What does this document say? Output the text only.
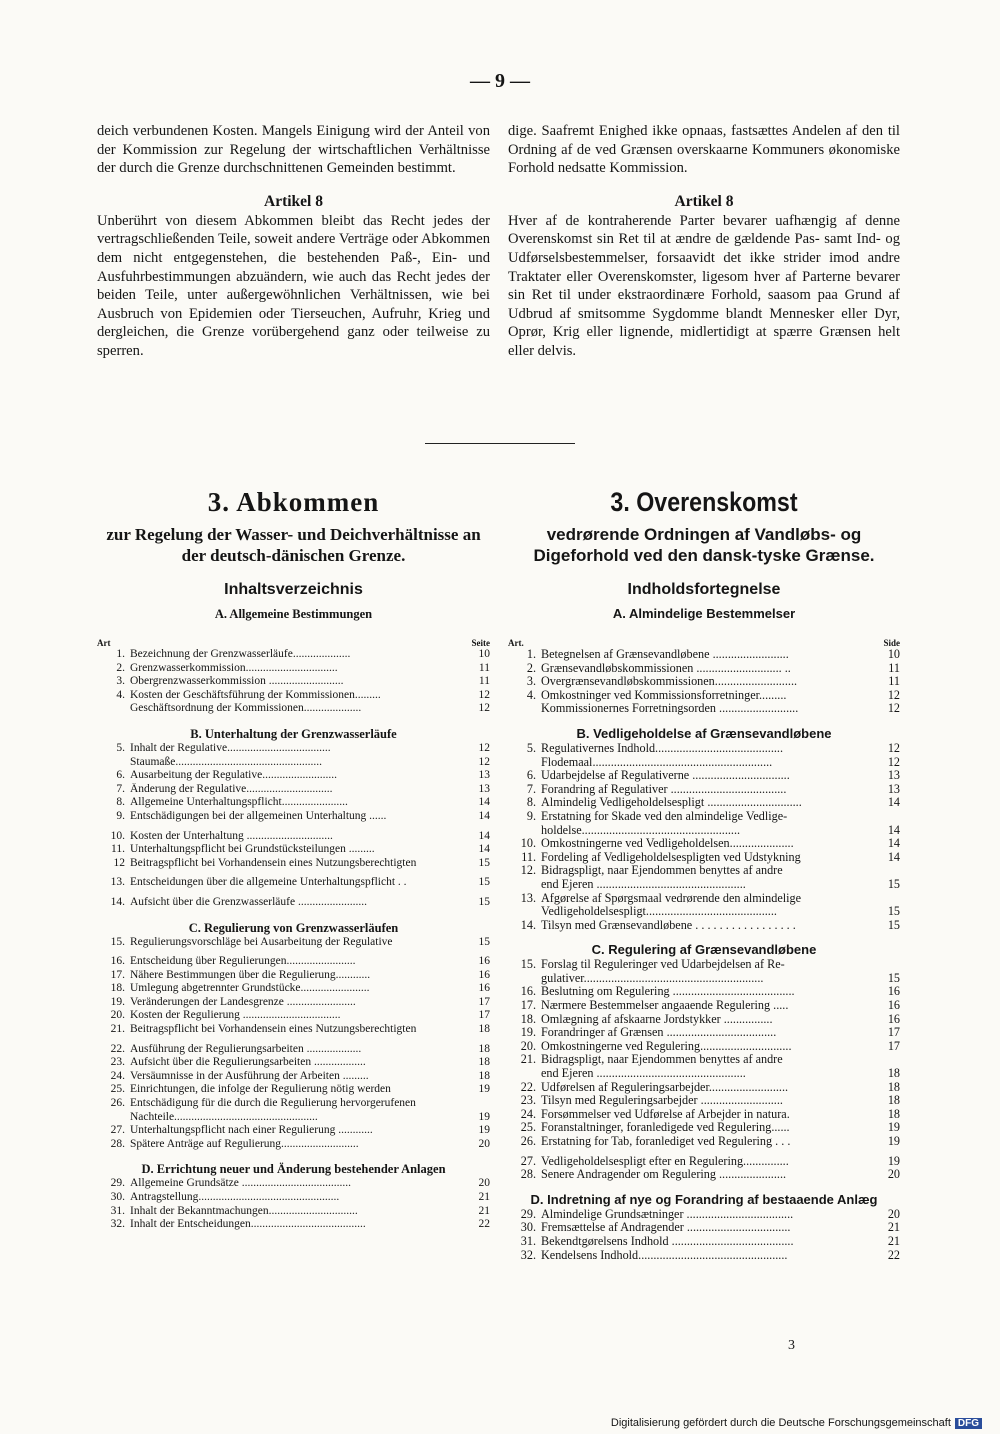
— 9 —

deich verbundenen Kosten. Mangels Einigung wird der Anteil von der Kommission zur Regelung der wirtschaftlichen Verhältnisse der durch die Grenze durchschnittenen Gemeinden bestimmt.

Artikel 8

Unberührt von diesem Abkommen bleibt das Recht jedes der vertragschließenden Teile, soweit andere Verträge oder Abkommen dem nicht entgegenstehen, die bestehenden Paß-, Ein- und Ausfuhrbestimmungen abzuändern, wie auch das Recht jedes der beiden Teile, unter außergewöhnlichen Verhältnissen, wie bei Ausbruch von Epidemien oder Tierseuchen, Aufruhr, Krieg und dergleichen, die Grenze vorübergehend ganz oder teilweise zu sperren.

dige. Saafremt Enighed ikke opnaas, fastsættes Andelen af den til Ordning af de ved Grænsen overskaarne Kommuners økonomiske Forhold nedsatte Kommission.

Artikel 8

Hver af de kontraherende Parter bevarer uafhængig af denne Overenskomst sin Ret til at ændre de gældende Pas- samt Ind- og Udførselsbestemmelser, forsaavidt det ikke strider imod andre Traktater eller Overenskomster, ligesom hver af Parterne bevarer sin Ret til under ekstraordinære Forhold, saasom paa Grund af Udbrud af smitsomme Sygdomme blandt Mennesker eller Dyr, Oprør, Krig eller lignende, midlertidigt at spærre Grænsen helt eller delvis.

3. Abkommen

zur Regelung der Wasser- und Deichverhältnisse an der deutsch-dänischen Grenze.

Inhaltsverzeichnis

A. Allgemeine Bestimmungen

Art	Seite
1. Bezeichnung der Grenzwasserläufe....................	10
2. Grenzwasserkommission................................	11
3. Obergrenzwasserkommission ..........................	11
4. Kosten der Geschäftsführung der Kommissionen.........	12
Geschäftsordnung der Kommissionen....................	12

B. Unterhaltung der Grenzwasserläufe

5. Inhalt der Regulative....................................	12
Staumaße...................................................	12
6. Ausarbeitung der Regulative..........................	13
7. Änderung der Regulative..............................	13
8. Allgemeine Unterhaltungspflicht.......................	14
9. Entschädigungen bei der allgemeinen Unterhaltung ......	14
10. Kosten der Unterhaltung ..............................	14
11. Unterhaltungspflicht bei Grundstücksteilungen .........	14
12 Beitragspflicht bei Vorhandensein eines Nutzungsberechtigten	15
13. Entscheidungen über die allgemeine Unterhaltungspflicht . .	15
14. Aufsicht über die Grenzwasserläufe ........................	15

C. Regulierung von Grenzwasserläufen

15. Regulierungsvorschläge bei Ausarbeitung der Regulative	15
16. Entscheidung über Regulierungen........................	16
17. Nähere Bestimmungen über die Regulierung............	16
18. Umlegung abgetrennter Grundstücke........................	16
19. Veränderungen der Landesgrenze ........................	17
20. Kosten der Regulierung ..................................	17
21. Beitragspflicht bei Vorhandensein eines Nutzungsberechtigten	18
22. Ausführung der Regulierungsarbeiten ...................	18
23. Aufsicht über die Regulierungsarbeiten ..................	18
24. Versäumnisse in der Ausführung der Arbeiten .........	18
25. Einrichtungen, die infolge der Regulierung nötig werden	19
26. Entschädigung für die durch die Regulierung hervorgerufenen
Nachteile..................................................	19
27. Unterhaltungspflicht nach einer Regulierung ............	19
28. Spätere Anträge auf Regulierung...........................	20

D. Errichtung neuer und Änderung bestehender Anlagen

29. Allgemeine Grundsätze ......................................	20
30. Antragstellung.................................................	21
31. Inhalt der Bekanntmachungen...............................	21
32. Inhalt der Entscheidungen........................................	22

3. Overenskomst

vedrørende Ordningen af Vandløbs- og Digeforhold ved den dansk-tyske Grænse.

Indholdsfortegnelse

A. Almindelige Bestemmelser

Art.	Side
1. Betegnelsen af Grænsevandløbene .........................	10
2. Grænsevandløbskommissionen ............................ ..	11
3. Overgrænsevandløbskommissionen...........................	11
4. Omkostninger ved Kommissionsforretninger.........	12
Kommissionernes Forretningsorden ..........................	12

B. Vedligeholdelse af Grænsevandløbene

5. Regulativernes Indhold..........................................	12
Flodemaal...........................................................	12
6. Udarbejdelse af Regulativerne ................................	13
7. Forandring af Regulativer ......................................	13
8. Almindelig Vedligeholdelsespligt ...............................	14
9. Erstatning for Skade ved den almindelige Vedlige-
holdelse....................................................	14
10. Omkostningerne ved Vedligeholdelsen.....................	14
11. Fordeling af Vedligeholdelsespligten ved Udstykning	14
12. Bidragspligt, naar Ejendommen benyttes af andre
end Ejeren .................................................	15
13. Afgørelse af Spørgsmaal vedrørende den almindelige
Vedligeholdelsespligt...........................................	15
14. Tilsyn med Grænsevandløbene . . . . . . . . . . . . . . . . .	15

C. Regulering af Grænsevandløbene

15. Forslag til Reguleringer ved Udarbejdelsen af Re-
gulativer...........................................................	15
16. Beslutning om Regulering ........................................	16
17. Nærmere Bestemmelser angaaende Regulering .....	16
18. Omlægning af afskaarne Jordstykker ................	16
19. Forandringer af Grænsen ....................................	17
20. Omkostningerne ved Regulering..............................	17
21. Bidragspligt, naar Ejendommen benyttes af andre
end Ejeren .................................................	18
22. Udførelsen af Reguleringsarbejder..........................	18
23. Tilsyn med Reguleringsarbejder ...........................	18
24. Forsømmelser ved Udførelse af Arbejder in natura.	18
25. Foranstaltninger, foranledigede ved Regulering......	19
26. Erstatning for Tab, foranlediget ved Regulering . . .	19
27. Vedligeholdelsespligt efter en Regulering...............	19
28. Senere Andragender om Regulering ......................	20

D. Indretning af nye og Forandring af bestaaende Anlæg

29. Almindelige Grundsætninger ...................................	20
30. Fremsættelse af Andragender ..................................	21
31. Bekendtgørelsens Indhold ........................................	21
32. Kendelsens Indhold.................................................	22
3
Digitalisierung gefördert durch die Deutsche Forschungsgemeinschaft DFG
